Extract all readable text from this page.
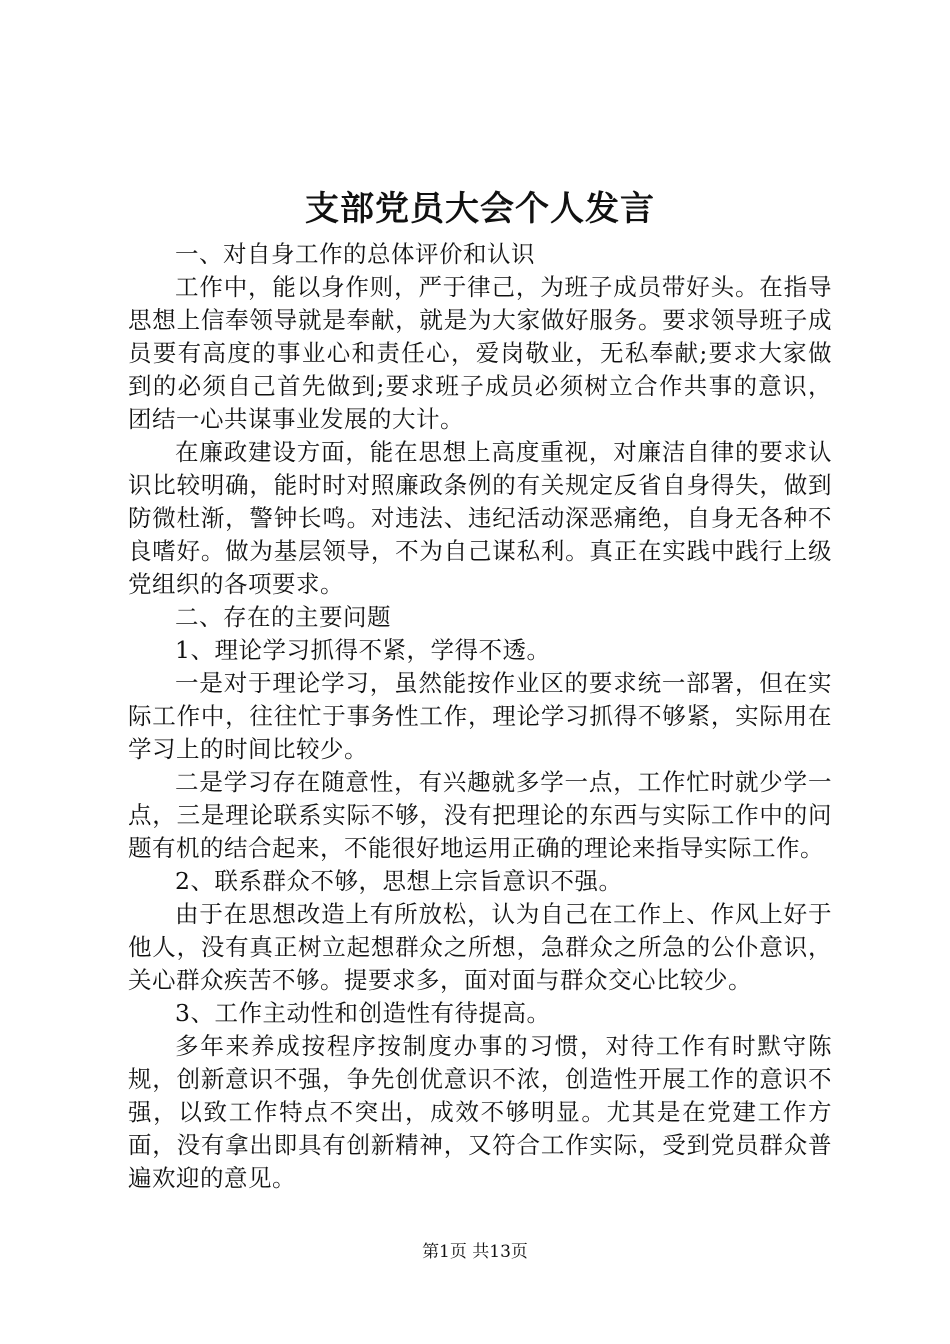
支部党员大会个人发言

一、对自身工作的总体评价和认识

工作中，能以身作则，严于律己，为班子成员带好头。在指导思想上信奉领导就是奉献，就是为大家做好服务。要求领导班子成员要有高度的事业心和责任心，爱岗敬业，无私奉献;要求大家做到的必须自己首先做到;要求班子成员必须树立合作共事的意识，团结一心共谋事业发展的大计。

在廉政建设方面，能在思想上高度重视，对廉洁自律的要求认识比较明确，能时时对照廉政条例的有关规定反省自身得失，做到防微杜渐，警钟长鸣。对违法、违纪活动深恶痛绝，自身无各种不良嗜好。做为基层领导，不为自己谋私利。真正在实践中践行上级党组织的各项要求。

二、存在的主要问题

1、理论学习抓得不紧，学得不透。

一是对于理论学习，虽然能按作业区的要求统一部署，但在实际工作中，往往忙于事务性工作，理论学习抓得不够紧，实际用在学习上的时间比较少。

二是学习存在随意性，有兴趣就多学一点，工作忙时就少学一点，三是理论联系实际不够，没有把理论的东西与实际工作中的问题有机的结合起来，不能很好地运用正确的理论来指导实际工作。

2、联系群众不够，思想上宗旨意识不强。

由于在思想改造上有所放松，认为自己在工作上、作风上好于他人，没有真正树立起想群众之所想，急群众之所急的公仆意识，关心群众疾苦不够。提要求多，面对面与群众交心比较少。

3、工作主动性和创造性有待提高。

多年来养成按程序按制度办事的习惯，对待工作有时默守陈规，创新意识不强，争先创优意识不浓，创造性开展工作的意识不强，以致工作特点不突出，成效不够明显。尤其是在党建工作方面，没有拿出即具有创新精神，又符合工作实际，受到党员群众普遍欢迎的意见。

第1页 共13页
